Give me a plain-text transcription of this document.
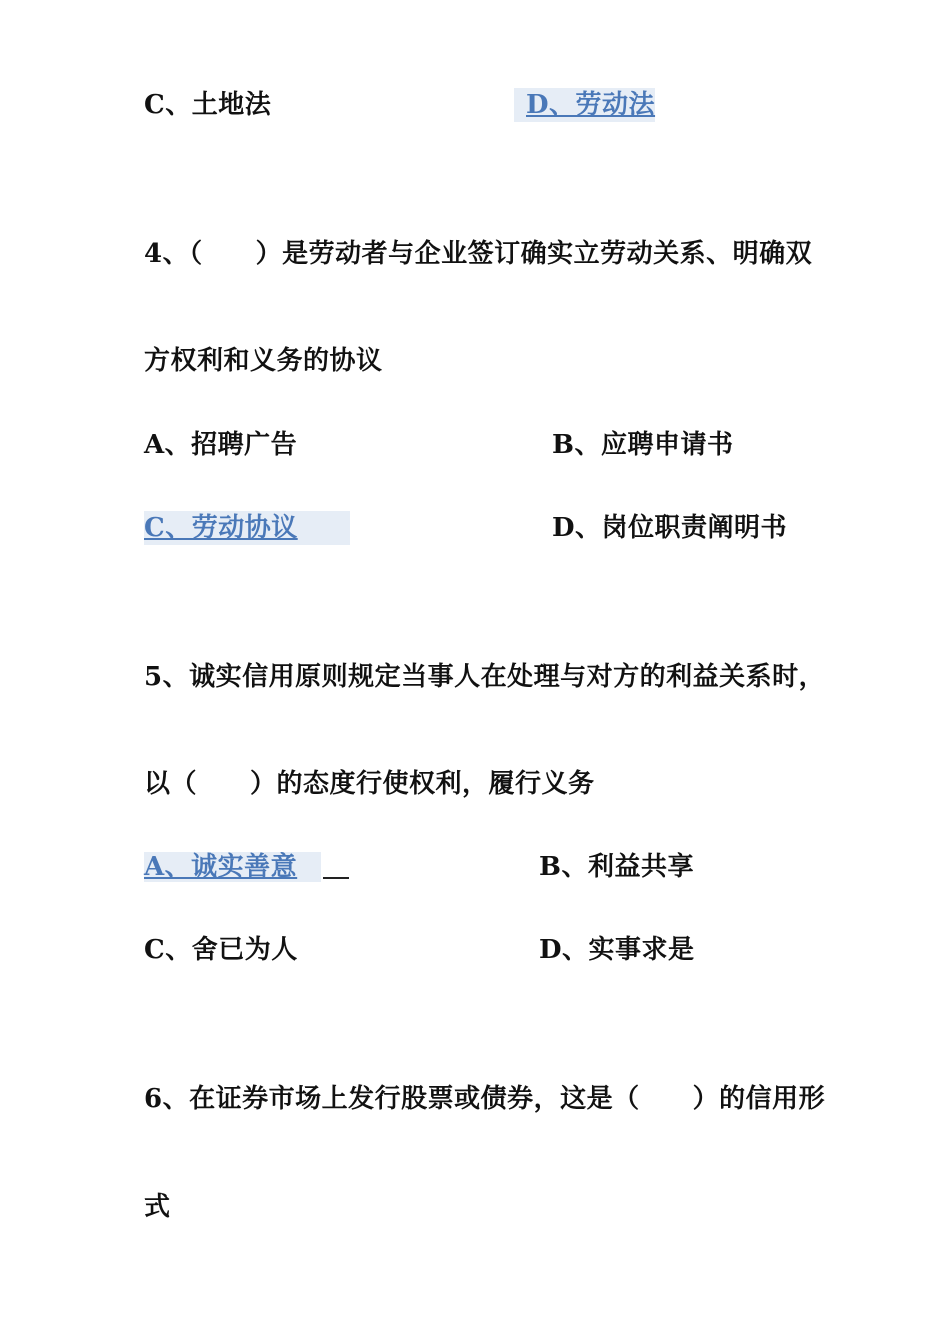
C、土地法	D、劳动法
4、（　　）是劳动者与企业签订确实立劳动关系、明确双
方权利和义务的协议
A、招聘广告	B、应聘申请书
C、劳动协议	D、岗位职责阐明书
5、诚实信用原则规定当事人在处理与对方的利益关系时，
以（　　）的态度行使权利，履行义务
A、诚实善意	B、利益共享
C、舍已为人	D、实事求是
6、在证券市场上发行股票或债券，这是（　　）的信用形
式
